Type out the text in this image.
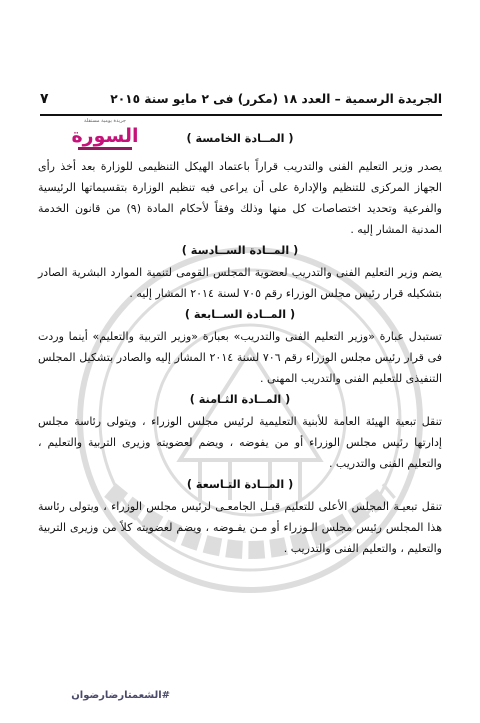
الجريدة الرسمية – العدد ١٨ (مكرر) فى ٢ مايو سنة ٢٠١٥
٧
جريدة يومية مستقلة
السورة	( المــادة الخامسة )

يصدر وزير التعليم الفنى والتدريب قراراً باعتماد الهيكل التنظيمى للوزارة بعد أخذ رأى الجهاز المركزى للتنظيم والإدارة على أن يراعى فيه تنظيم الوزارة بتقسيماتها الرئيسية والفرعية وتحديد اختصاصات كل منها وذلك وفقاً لأحكام المادة (٩) من قانون الخدمة المدنية المشار إليه .

( المــادة الســادسة )

يضم وزير التعليم الفنى والتدريب لعضوية المجلس القومى لتنمية الموارد البشرية الصادر بتشكيله قرار رئيس مجلس الوزراء رقم ٧٠٥ لسنة ٢٠١٤ المشار إليه .

( المــادة الســابعة )

تستبدل عبارة «وزير التعليم الفنى والتدريب» بعبارة «وزير التربية والتعليم» أينما وردت فى قرار رئيس مجلس الوزراء رقم ٧٠٦ لسنة ٢٠١٤ المشار إليه والصادر بتشكيل المجلس التنفيذى للتعليم الفنى والتدريب المهنى .

( المــادة الثـامنة )

تنقل تبعية الهيئة العامة للأبنية التعليمية لرئيس مجلس الوزراء ، ويتولى رئاسة مجلس إدارتها رئيس مجلس الوزراء أو من يفوضه ، ويضم لعضويته وزيرى التربية والتعليم ، والتعليم الفنى والتدريب .

( المــادة التـاسعة )

تنقل تبعيـة المجلس الأعلى للتعليم قبـل الجامعـى لرئيس مجلس الوزراء ، ويتولى رئاسة هذا المجلس رئيس مجلس الـوزراء أو مـن يفـوضه ، ويضم لعضويته كلاً من وزيرى التربية والتعليم ، والتعليم الفنى والتدريب .

#الشعمتارضارضوان
